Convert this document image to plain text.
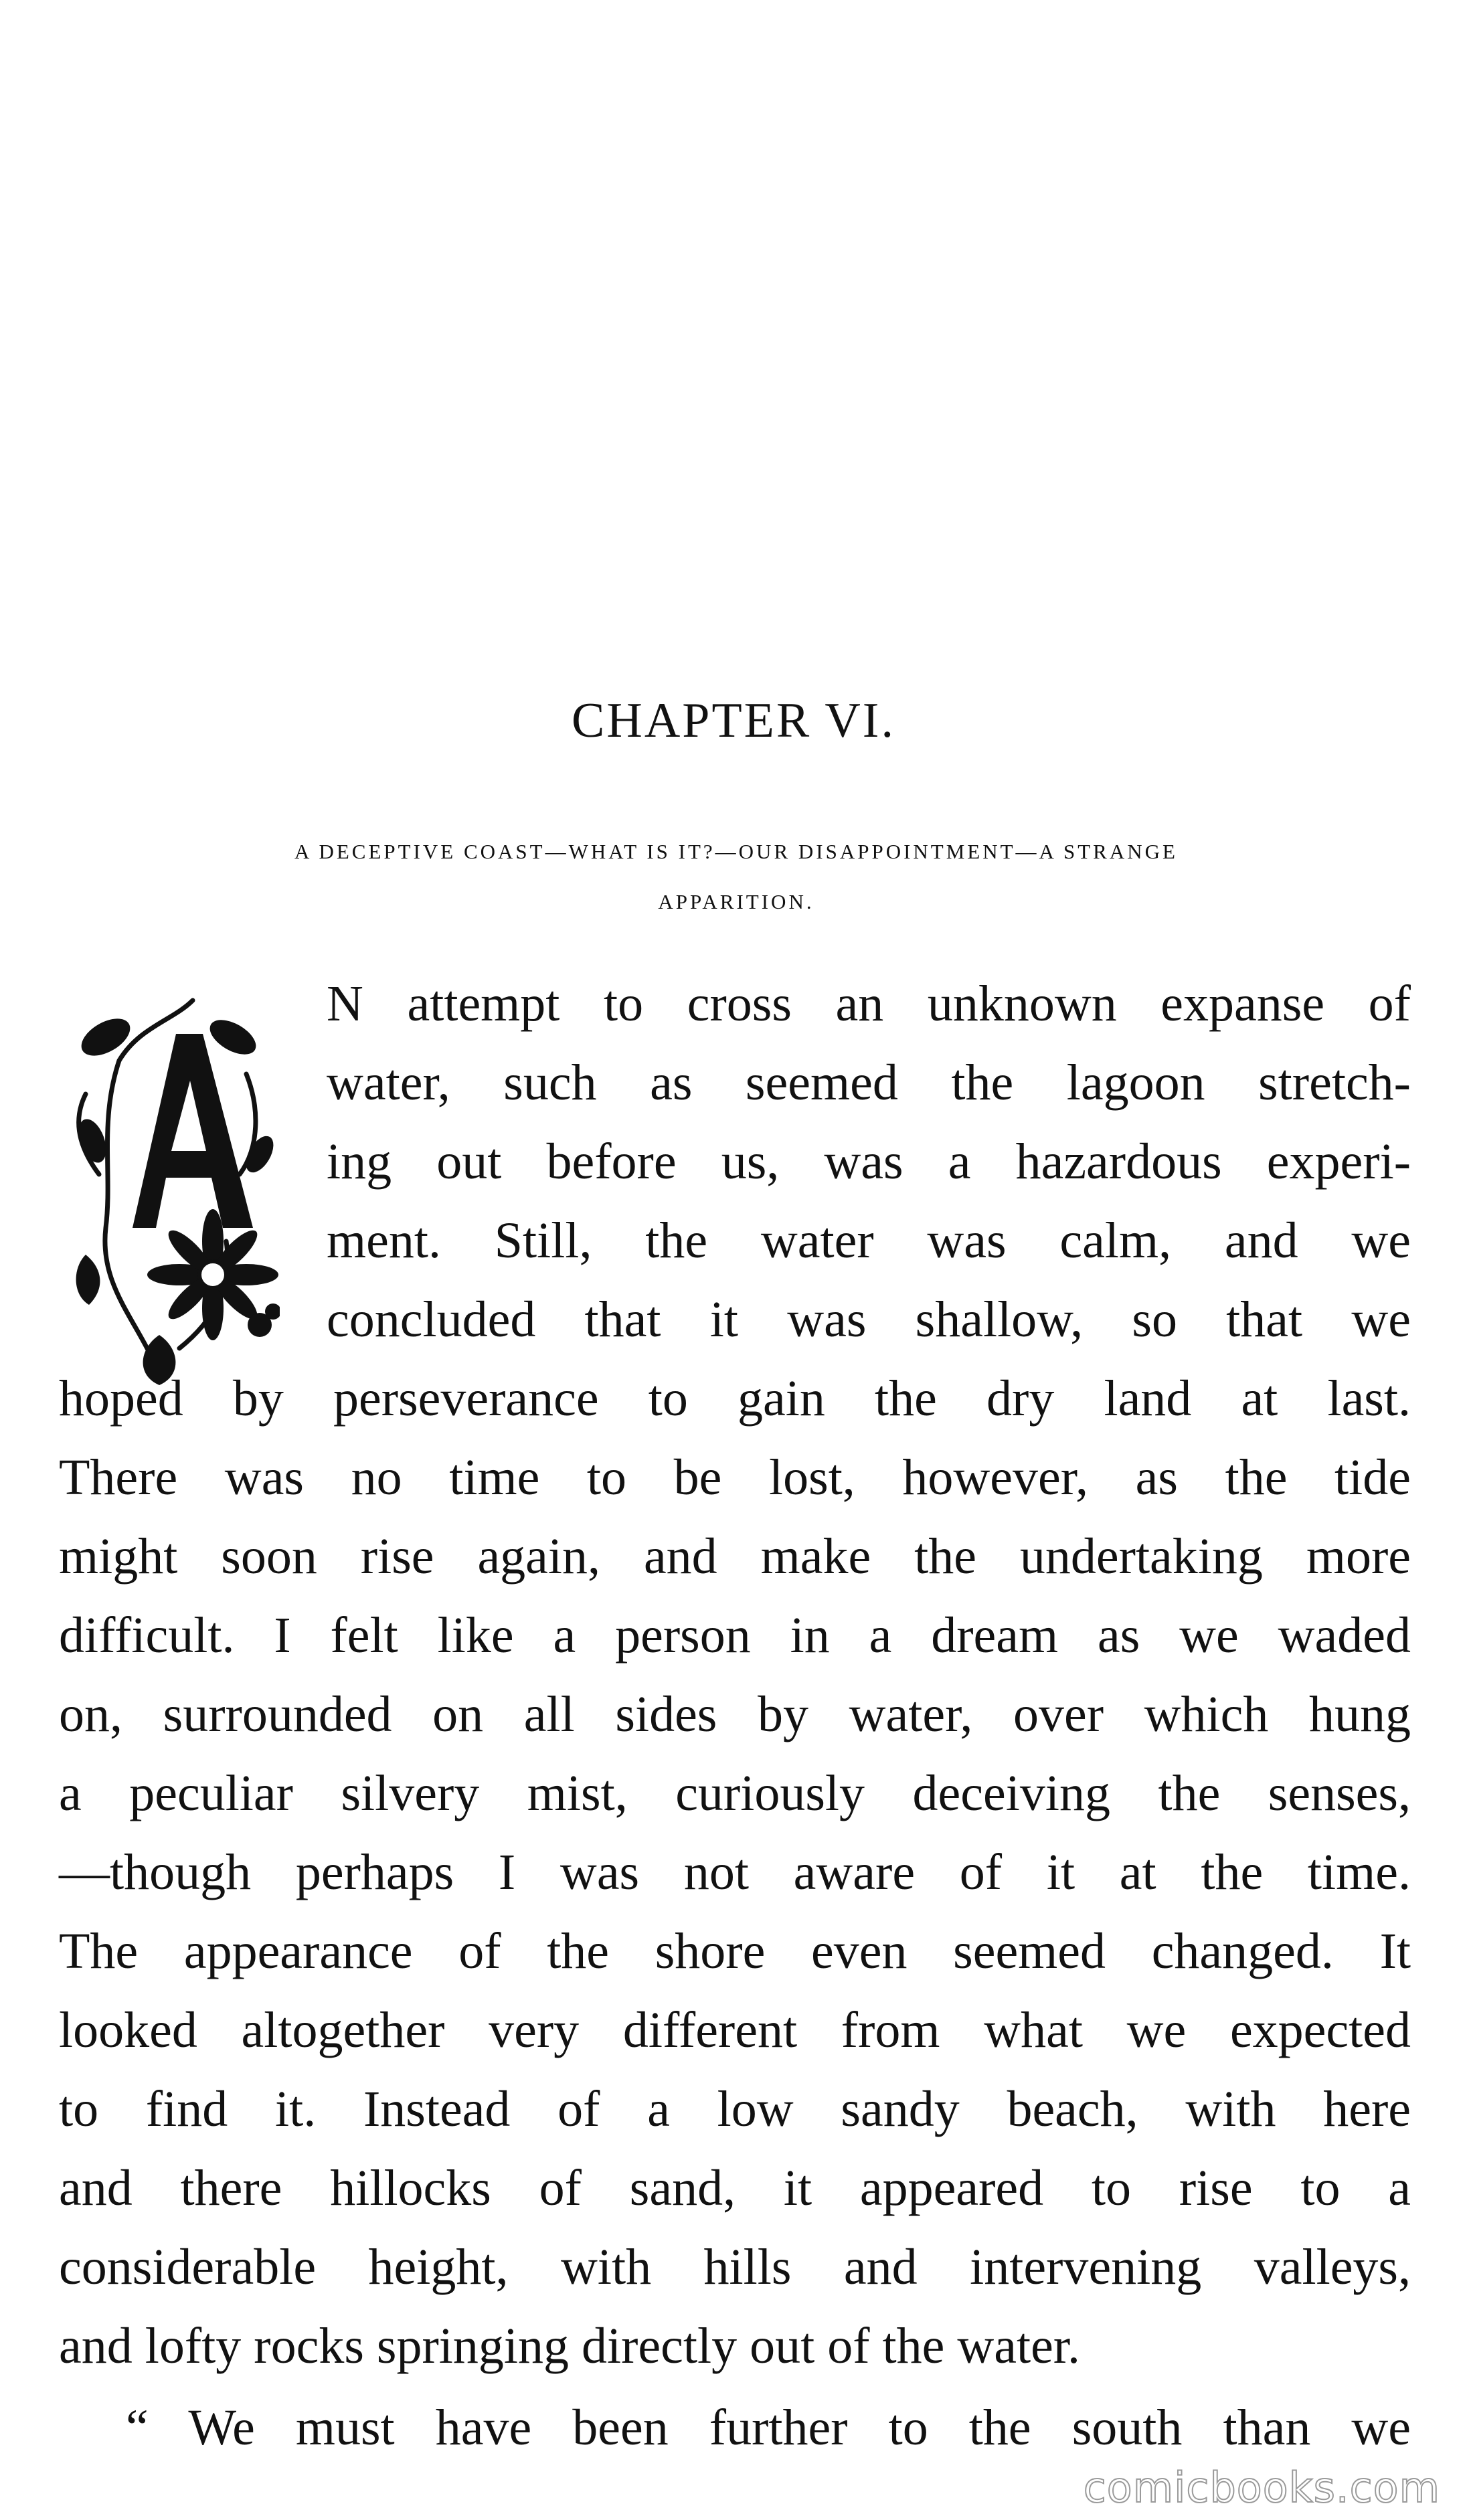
CHAPTER VI.

A DECEPTIVE COAST—WHAT IS IT?—OUR DISAPPOINTMENT—A STRANGE
APPARITION.

N attempt to cross an unknown expanse of
water, such as seemed the lagoon stretch-
ing out before us, was a hazardous experi-
ment. Still, the water was calm, and we
concluded that it was shallow, so that we
hoped by perseverance to gain the dry land at last.
There was no time to be lost, however, as the tide
might soon rise again, and make the undertaking more
difficult. I felt like a person in a dream as we waded
on, surrounded on all sides by water, over which hung
a peculiar silvery mist, curiously deceiving the senses,
—though perhaps I was not aware of it at the time.
The appearance of the shore even seemed changed. It
looked altogether very different from what we expected
to find it. Instead of a low sandy beach, with here
and there hillocks of sand, it appeared to rise to a
considerable height, with hills and intervening valleys,
and lofty rocks springing directly out of the water.
“ We must have been further to the south than we
comicbooks.com
